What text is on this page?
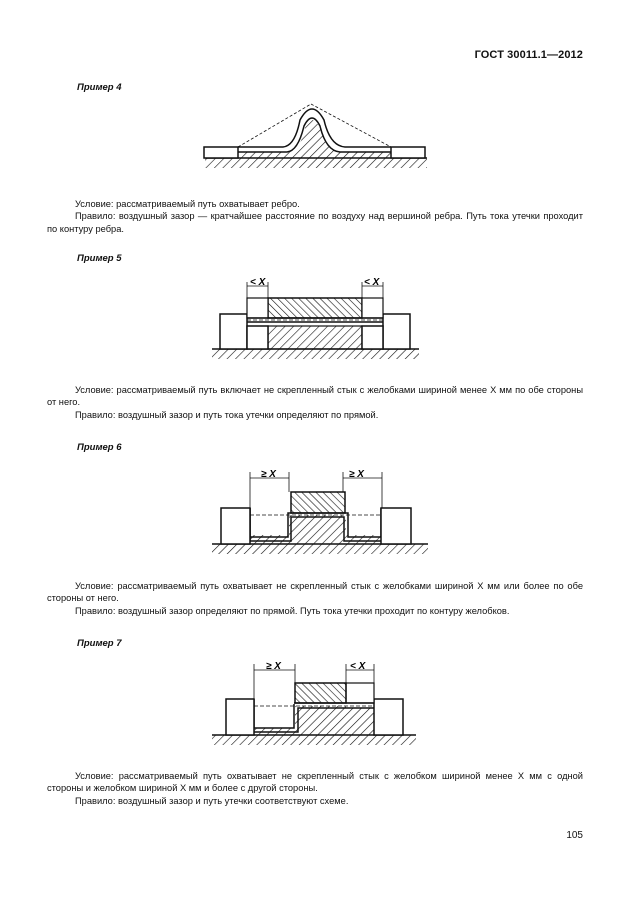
ГОСТ 30011.1—2012
Пример 4

Условие: рассматриваемый путь охватывает ребро.

Правило: воздушный зазор — кратчайшее расстояние по воздуху над вершиной ребра. Путь тока утечки проходит по контуру ребра.

Пример 5
< X	< X

Условие: рассматриваемый путь включает не скрепленный стык с желобками шириной менее X мм по обе стороны от него.

Правило: воздушный зазор и путь тока утечки определяют по прямой.

Пример 6
≥ X	≥ X

Условие: рассматриваемый путь охватывает не скрепленный стык с желобками шириной X мм или более по обе стороны от него.

Правило: воздушный зазор определяют по прямой. Путь тока утечки проходит по контуру желобков.

Пример 7
≥ X	< X

Условие: рассматриваемый путь охватывает не скрепленный стык с желобком шириной менее X мм с одной стороны и желобком шириной X мм и более с другой стороны.

Правило: воздушный зазор и путь утечки соответствуют схеме.

105
